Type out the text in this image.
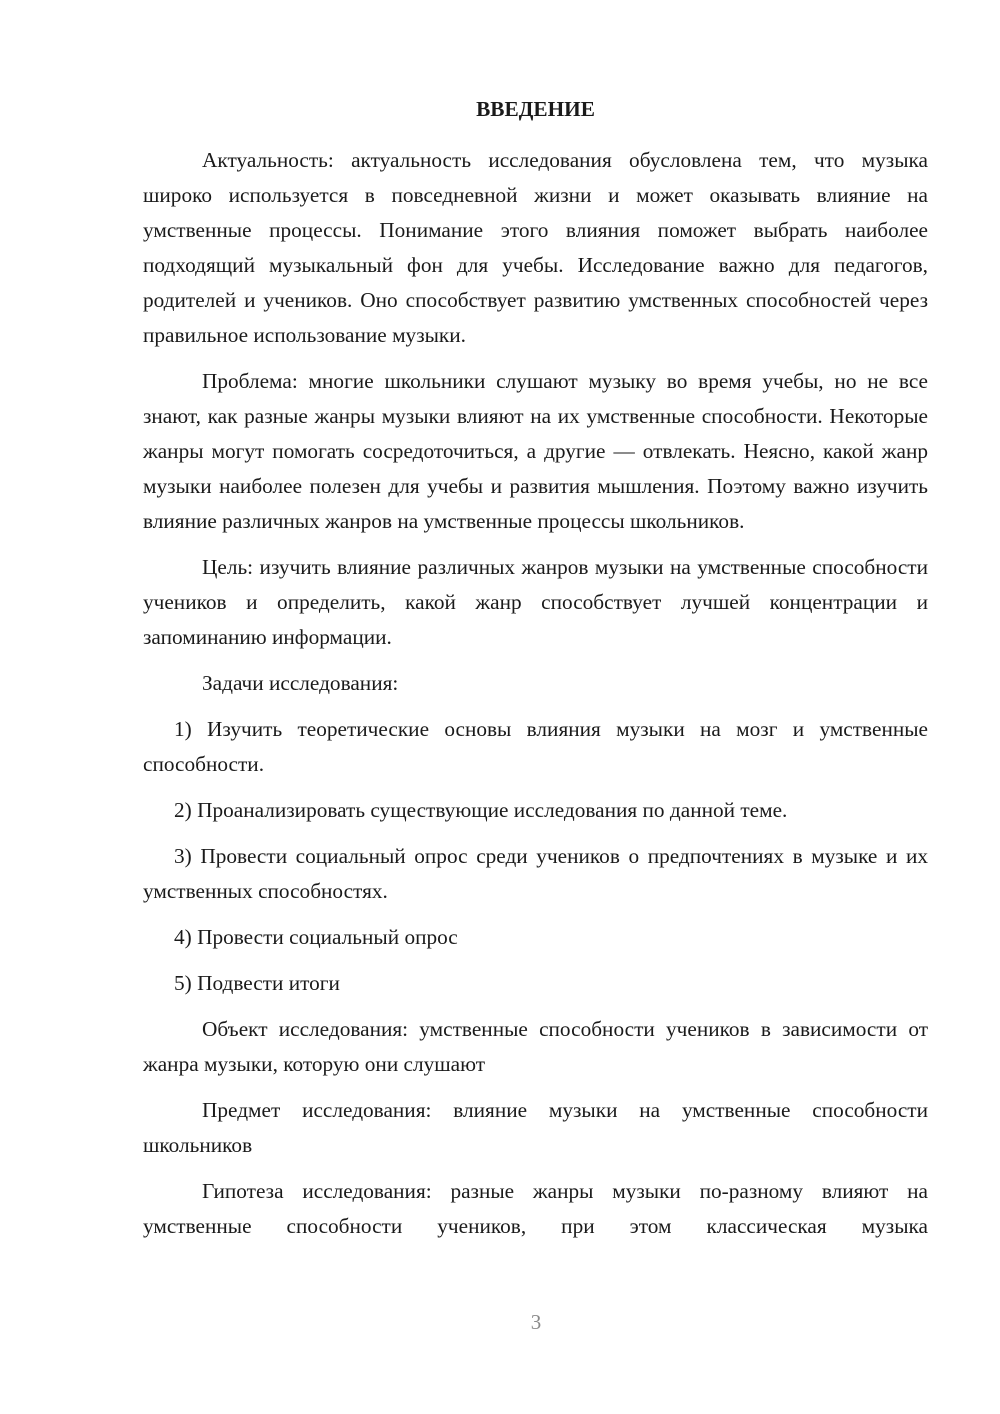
ВВЕДЕНИЕ

Актуальность: актуальность исследования обусловлена тем, что музыка широко используется в повседневной жизни и может оказывать влияние на умственные процессы. Понимание этого влияния поможет выбрать наиболее подходящий музыкальный фон для учебы. Исследование важно для педагогов, родителей и учеников. Оно способствует развитию умственных способностей через правильное использование музыки.

Проблема: многие школьники слушают музыку во время учебы, но не все знают, как разные жанры музыки влияют на их умственные способности. Некоторые жанры могут помогать сосредоточиться, а другие — отвлекать. Неясно, какой жанр музыки наиболее полезен для учебы и развития мышления. Поэтому важно изучить влияние различных жанров на умственные процессы школьников.

Цель: изучить влияние различных жанров музыки на умственные способности учеников и определить, какой жанр способствует лучшей концентрации и запоминанию информации.

Задачи исследования:

1) Изучить теоретические основы влияния музыки на мозг и умственные способности.

2) Проанализировать существующие исследования по данной теме.

3) Провести социальный опрос среди учеников о предпочтениях в музыке и их умственных способностях.

4) Провести социальный опрос

5) Подвести итоги

Объект исследования: умственные способности учеников в зависимости от жанра музыки, которую они слушают

Предмет исследования: влияние музыки на умственные способности школьников

Гипотеза исследования: разные жанры музыки по-разному влияют на умственные способности учеников, при этом классическая музыка

3
